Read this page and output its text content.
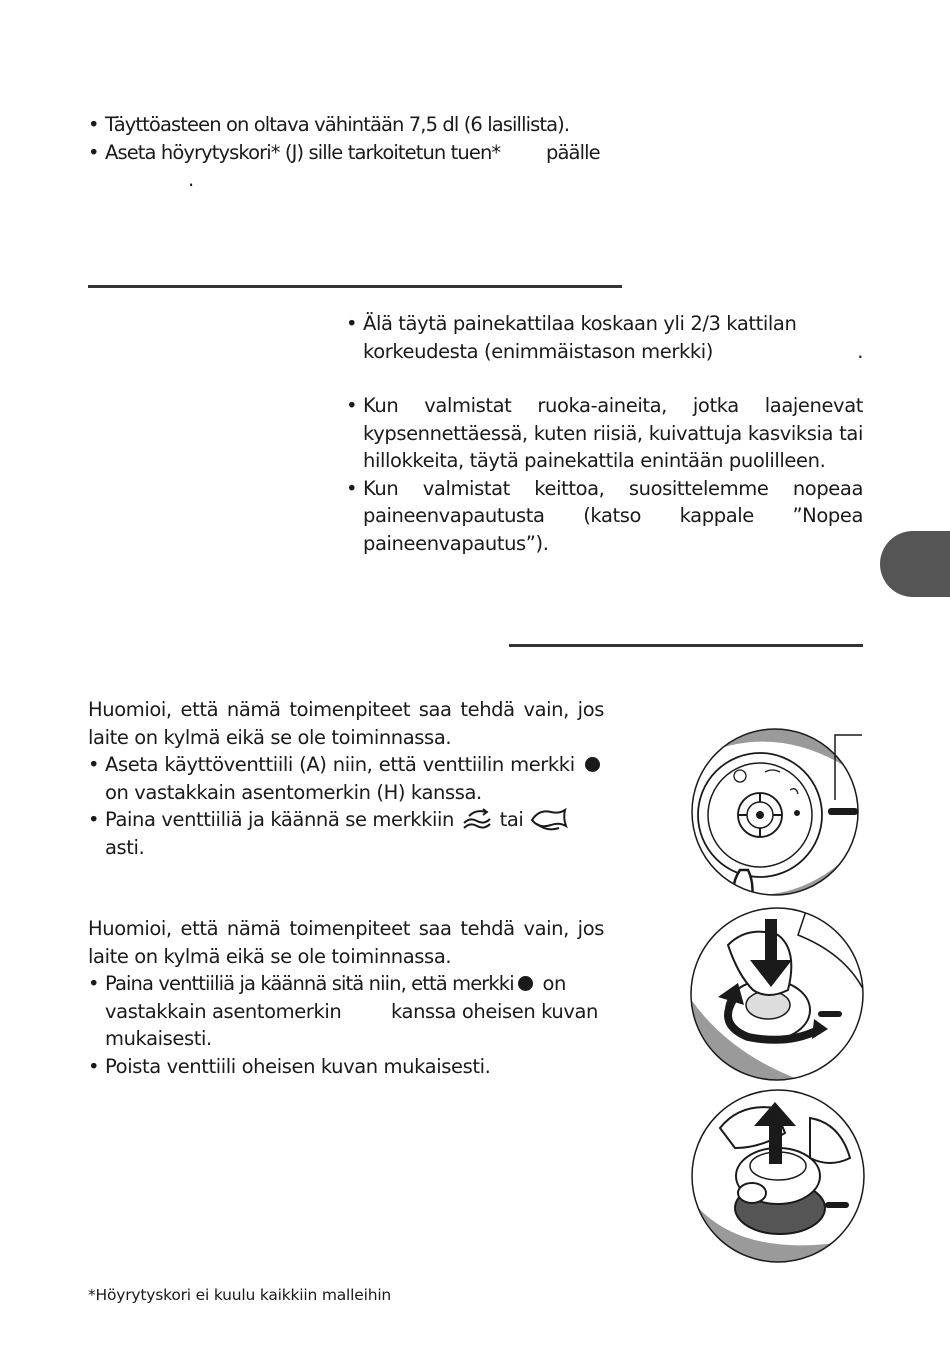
• Täyttöasteen on oltava vähintään 7,5 dl (6 lasillista).
• Aseta höyrytyskori* (J) sille tarkoitetun tuen* päälle
.
• Älä täytä painekattilaa koskaan yli 2/3 kattilan
korkeudesta (enimmäistason merkki)	.
• Kun valmistat ruoka-aineita, jotka laajenevat kypsennettäessä, kuten riisiä, kuivattuja kasviksia tai hillokkeita, täytä painekattila enintään puolilleen.
• Kun valmistat keittoa, suosittelemme nopeaa paineenvapautusta (katso kappale ”Nopea paineenvapautus”).
Huomioi, että nämä toimenpiteet saa tehdä vain, jos laite on kylmä eikä se ole toiminnassa.
• Aseta käyttöventtiili (A) niin, että venttiilin merkki  on vastakkain asentomerkin (H) kanssa.
• Paina venttiiliä ja käännä se merkkiin tai
asti.
Huomioi, että nämä toimenpiteet saa tehdä vain, jos laite on kylmä eikä se ole toiminnassa.
• Paina venttiiliä ja käännä sitä niin, että merkki on vastakkain asentomerkin	kanssa oheisen kuvan mukaisesti.
• Poista venttiili oheisen kuvan mukaisesti.
*Höyrytyskori ei kuulu kaikkiin malleihin
